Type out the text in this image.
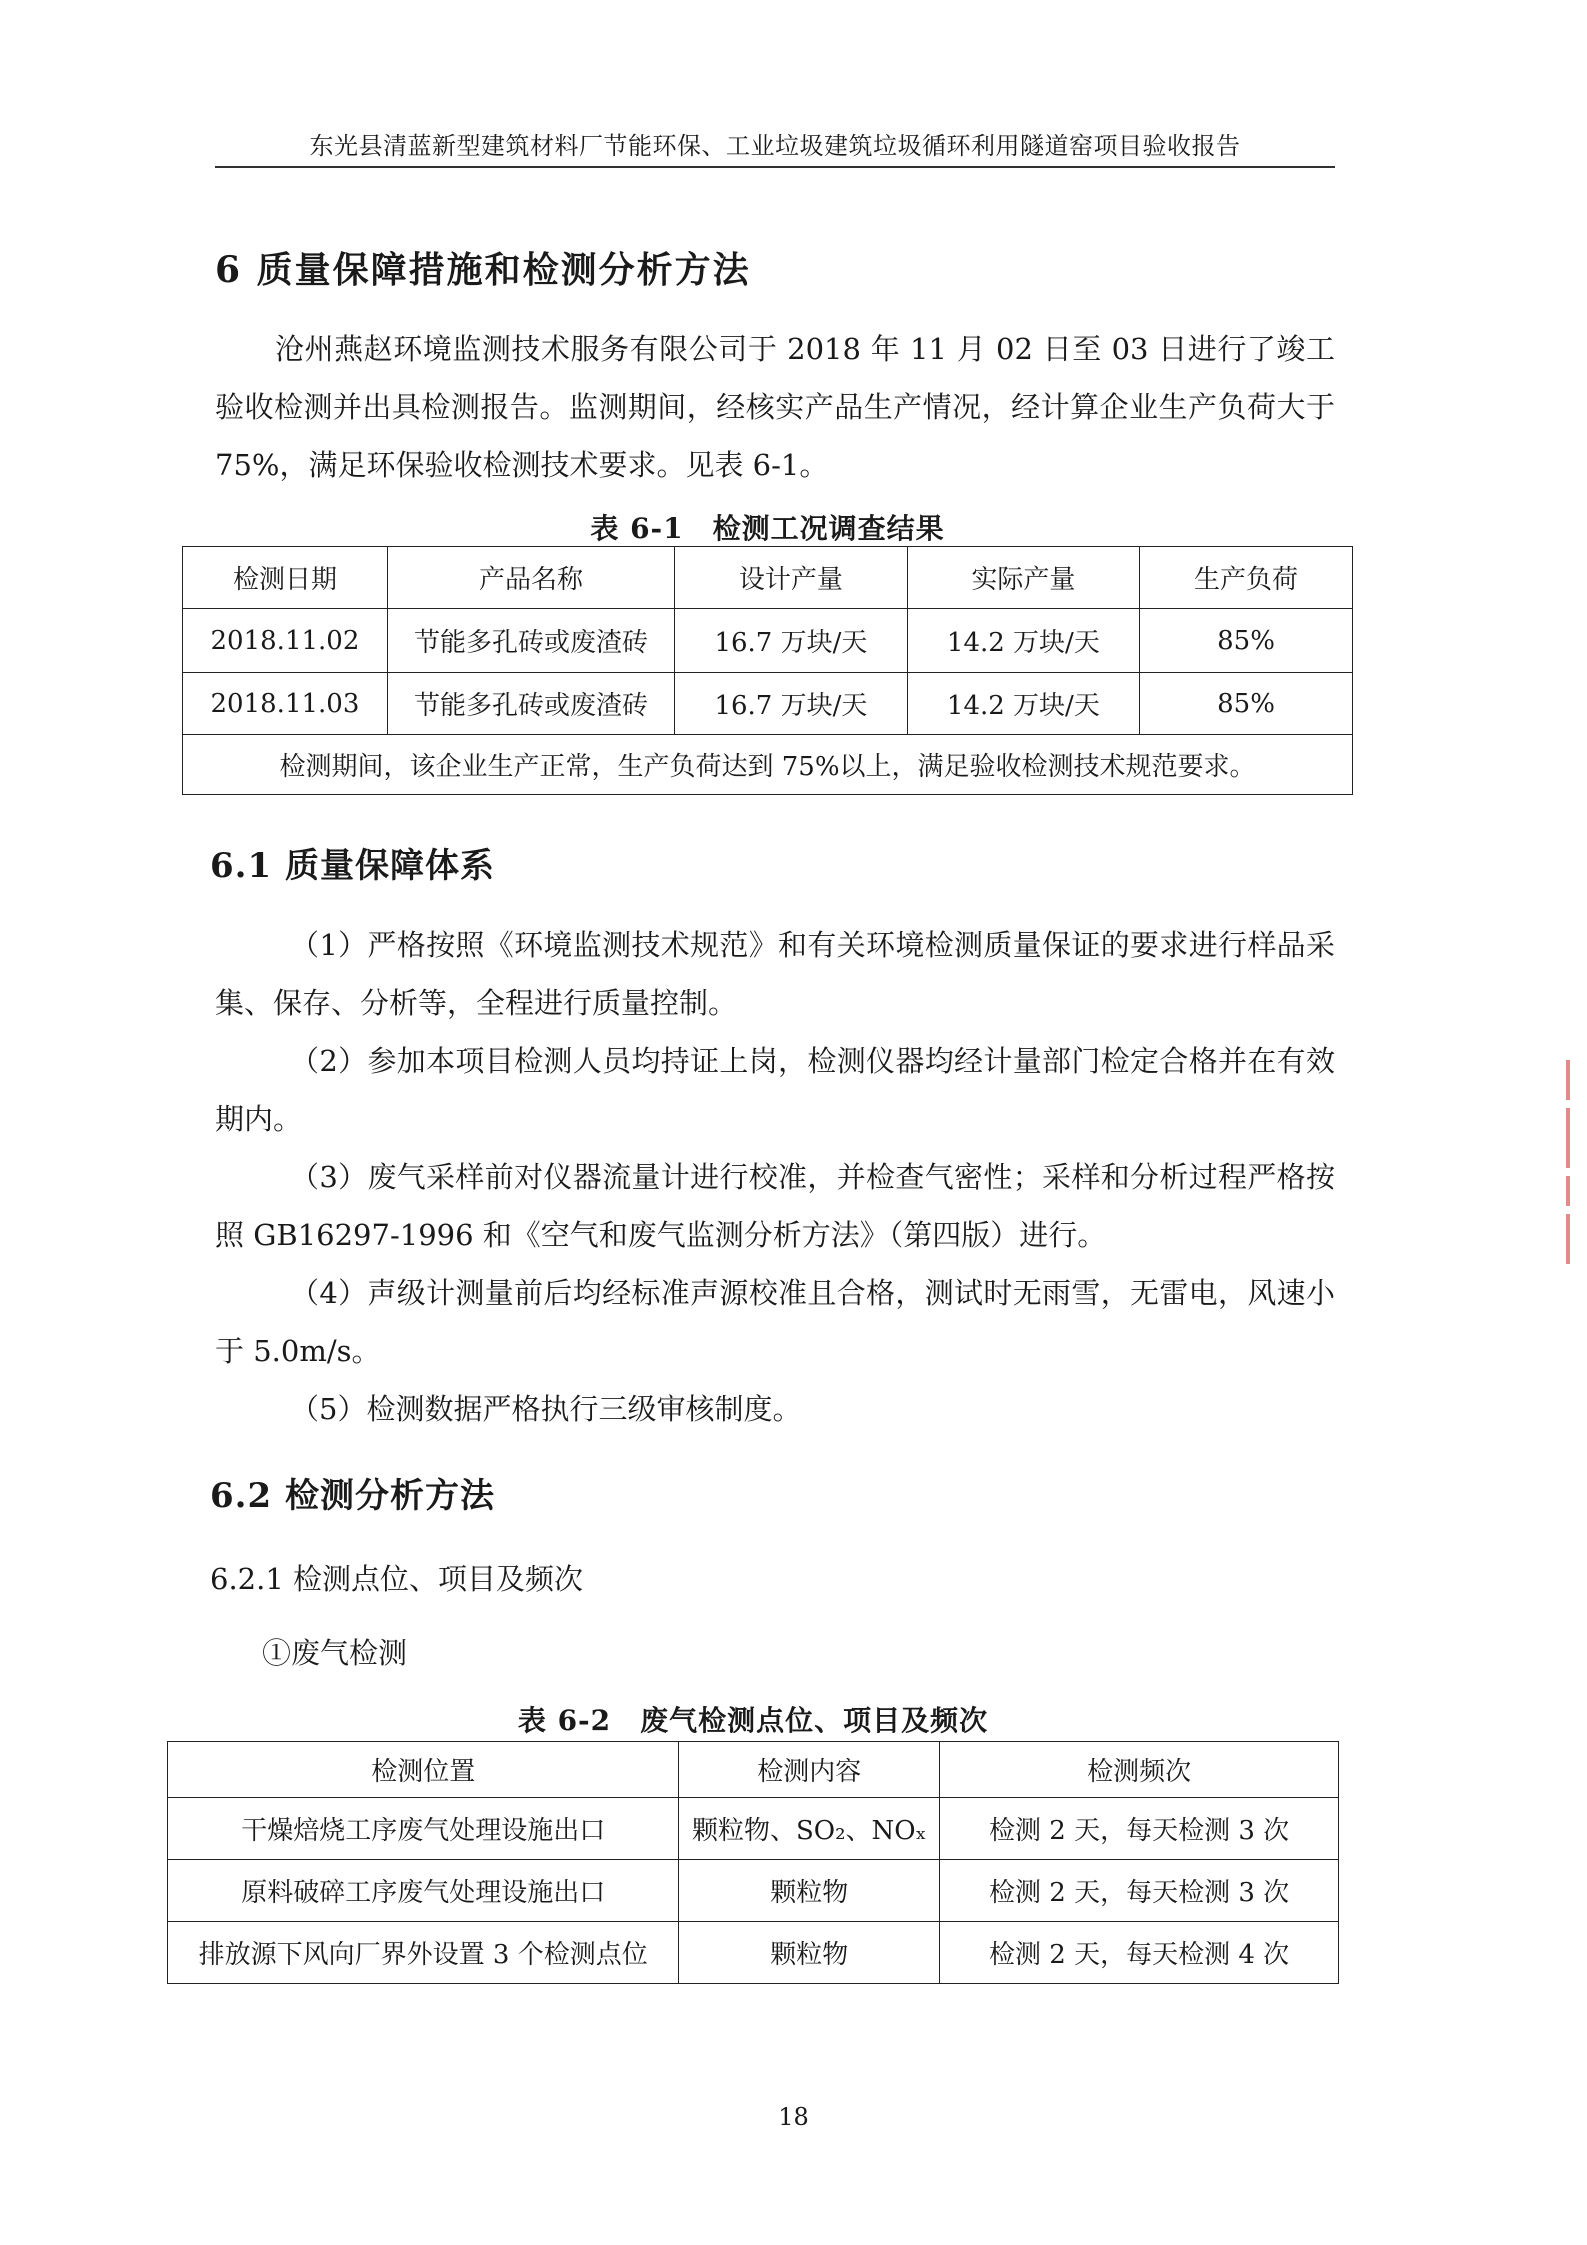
东光县清蓝新型建筑材料厂节能环保、工业垃圾建筑垃圾循环利用隧道窑项目验收报告
6 质量保障措施和检测分析方法
沧州燕赵环境监测技术服务有限公司于 2018 年 11 月 02 日至 03 日进行了竣工验收检测并出具检测报告。监测期间，经核实产品生产情况，经计算企业生产负荷大于 75%，满足环保验收检测技术要求。见表 6-1。
表 6-1　检测工况调查结果
检测日期	产品名称	设计产量	实际产量	生产负荷
2018.11.02	节能多孔砖或废渣砖	16.7 万块/天	14.2 万块/天	85%
2018.11.03	节能多孔砖或废渣砖	16.7 万块/天	14.2 万块/天	85%
检测期间，该企业生产正常，生产负荷达到 75%以上，满足验收检测技术规范要求。				
6.1 质量保障体系
（1）严格按照《环境监测技术规范》和有关环境检测质量保证的要求进行样品采集、保存、分析等，全程进行质量控制。
（2）参加本项目检测人员均持证上岗，检测仪器均经计量部门检定合格并在有效期内。
（3）废气采样前对仪器流量计进行校准，并检查气密性；采样和分析过程严格按照 GB16297-1996 和《空气和废气监测分析方法》（第四版）进行。
（4）声级计测量前后均经标准声源校准且合格，测试时无雨雪，无雷电，风速小于 5.0m/s。
（5）检测数据严格执行三级审核制度。
6.2 检测分析方法
6.2.1 检测点位、项目及频次
①废气检测
表 6-2　废气检测点位、项目及频次
检测位置	检测内容	检测频次
干燥焙烧工序废气处理设施出口	颗粒物、SO₂、NOₓ	检测 2 天，每天检测 3 次
原料破碎工序废气处理设施出口	颗粒物	检测 2 天，每天检测 3 次
排放源下风向厂界外设置 3 个检测点位	颗粒物	检测 2 天，每天检测 4 次
18
